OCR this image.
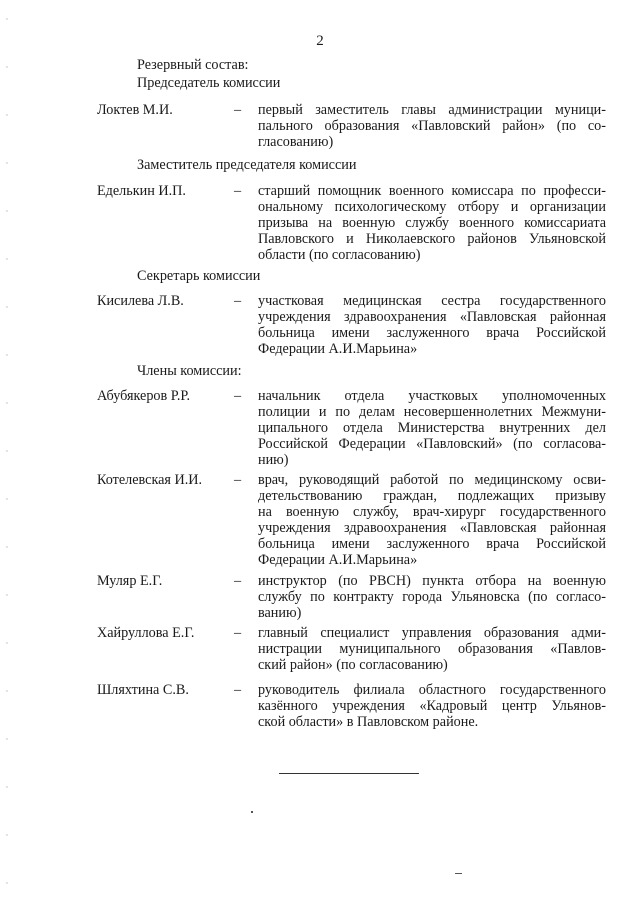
2
Резервный состав:
Председатель комиссии
Локтев М.И.	– первый заместитель главы администрации муници-
пального образования «Павловский район» (по со-
гласованию)
Заместитель председателя комиссии
Еделькин И.П.	– старший помощник военного комиссара по професси-
ональному психологическому отбору и организации
призыва на военную службу военного комиссариата
Павловского и Николаевского районов Ульяновской
области (по согласованию)
Секретарь комиссии
Кисилева Л.В.	– участковая медицинская сестра государственного
учреждения здравоохранения «Павловская районная
больница имени заслуженного врача Российской
Федерации А.И.Марьина»
Члены комиссии:
Абубякеров Р.Р.	– начальник отдела участковых уполномоченных
полиции и по делам несовершеннолетних Межмуни-
ципального отдела Министерства внутренних дел
Российской Федерации «Павловский» (по согласова-
нию)
Котелевская И.И. – врач, руководящий работой по медицинскому осви-
детельствованию граждан, подлежащих призыву
на военную службу, врач-хирург государственного
учреждения здравоохранения «Павловская районная
больница имени заслуженного врача Российской
Федерации А.И.Марьина»
Муляр Е.Г.	– инструктор (по РВСН) пункта отбора на военную
службу по контракту города Ульяновска (по согласо-
ванию)
Хайруллова Е.Г.	– главный специалист управления образования адми-
нистрации муниципального образования «Павлов-
ский район» (по согласованию)
Шляхтина С.В.	– руководитель филиала областного государственного
казённого учреждения «Кадровый центр Ульянов-
ской области» в Павловском районе.
